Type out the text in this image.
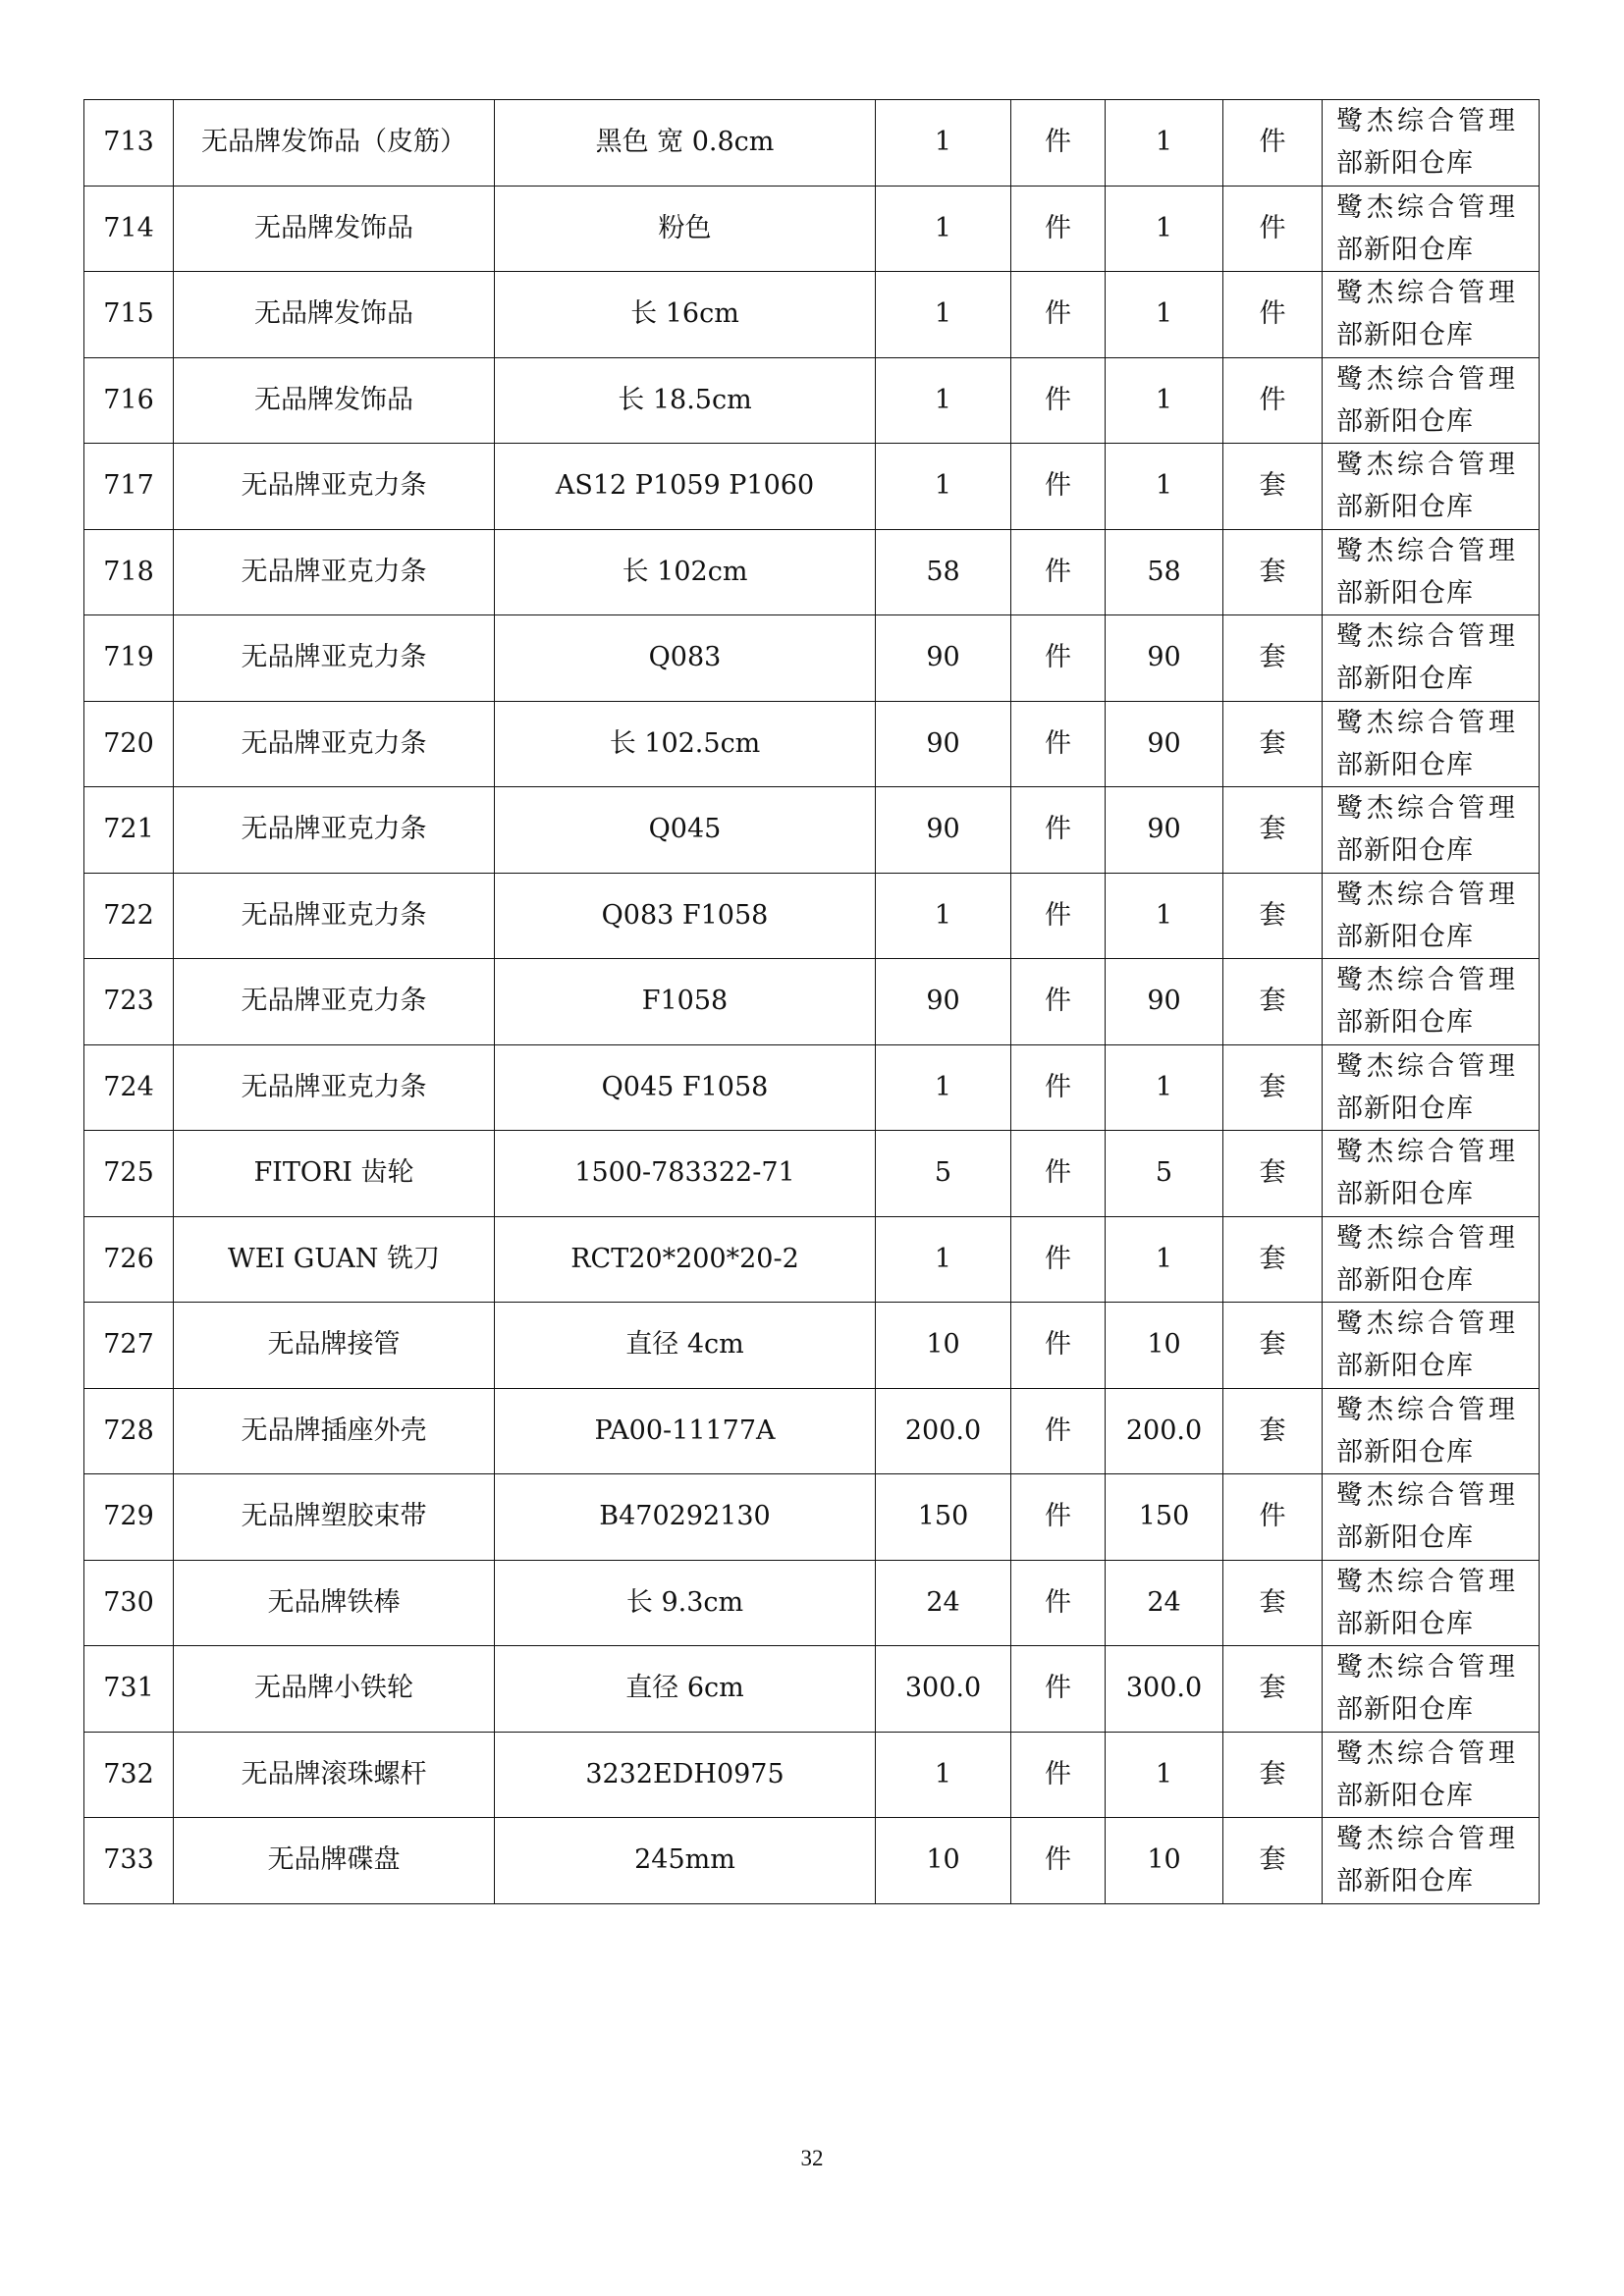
713	无品牌发饰品（皮筋）	黑色 宽 0.8cm	1	件	1	件	鹭杰综合管理
部新阳仓库

714	无品牌发饰品	粉色	1	件	1	件	鹭杰综合管理
部新阳仓库

715	无品牌发饰品	长 16cm	1	件	1	件	鹭杰综合管理
部新阳仓库

716	无品牌发饰品	长 18.5cm	1	件	1	件	鹭杰综合管理
部新阳仓库

717	无品牌亚克力条	AS12 P1059 P1060	1	件	1	套	鹭杰综合管理
部新阳仓库

718	无品牌亚克力条	长 102cm	58	件	58	套	鹭杰综合管理
部新阳仓库

719	无品牌亚克力条	Q083	90	件	90	套	鹭杰综合管理
部新阳仓库

720	无品牌亚克力条	长 102.5cm	90	件	90	套	鹭杰综合管理
部新阳仓库

721	无品牌亚克力条	Q045	90	件	90	套	鹭杰综合管理
部新阳仓库

722	无品牌亚克力条	Q083 F1058	1	件	1	套	鹭杰综合管理
部新阳仓库

723	无品牌亚克力条	F1058	90	件	90	套	鹭杰综合管理
部新阳仓库

724	无品牌亚克力条	Q045 F1058	1	件	1	套	鹭杰综合管理
部新阳仓库

725	FITORI 齿轮	1500-783322-71	5	件	5	套	鹭杰综合管理
部新阳仓库

726	WEI GUAN 铣刀	RCT20*200*20-2	1	件	1	套	鹭杰综合管理
部新阳仓库

727	无品牌接管	直径 4cm	10	件	10	套	鹭杰综合管理
部新阳仓库

728	无品牌插座外壳	PA00-11177A	200.0	件	200.0	套	鹭杰综合管理
部新阳仓库

729	无品牌塑胶束带	B470292130	150	件	150	件	鹭杰综合管理
部新阳仓库

730	无品牌铁棒	长 9.3cm	24	件	24	套	鹭杰综合管理
部新阳仓库

731	无品牌小铁轮	直径 6cm	300.0	件	300.0	套	鹭杰综合管理
部新阳仓库

732	无品牌滚珠螺杆	3232EDH0975	1	件	1	套	鹭杰综合管理
部新阳仓库

733	无品牌碟盘	245mm	10	件	10	套	鹭杰综合管理
部新阳仓库
32
